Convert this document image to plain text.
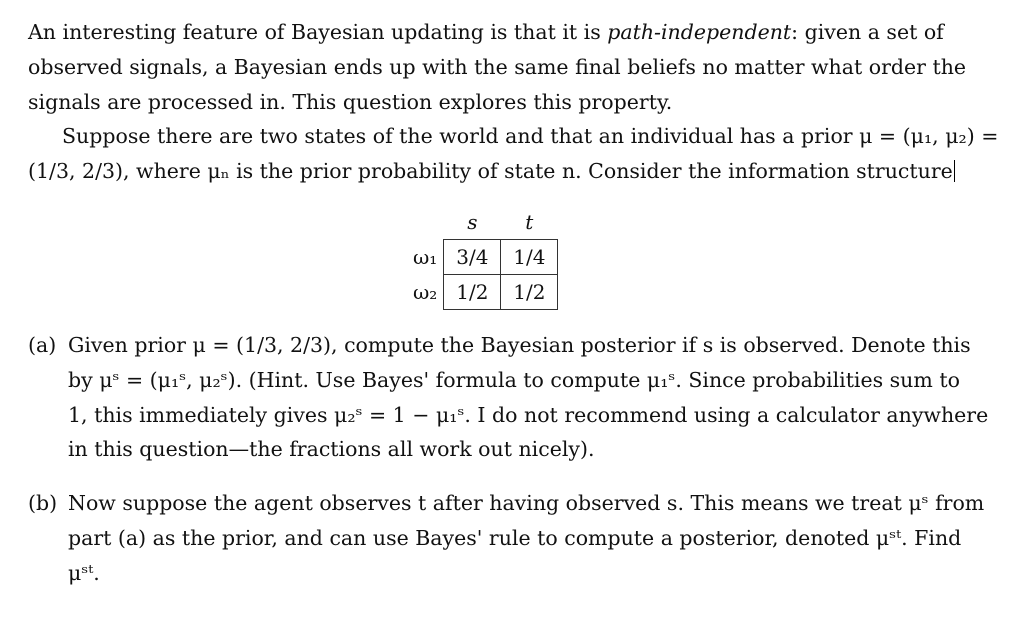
An interesting feature of Bayesian updating is that it is path-independent: given a set of
observed signals, a Bayesian ends up with the same final beliefs no matter what order the
signals are processed in. This question explores this property.
Suppose there are two states of the world and that an individual has a prior μ = (μ₁, μ₂) =
(1/3, 2/3), where μₙ is the prior probability of state n. Consider the information structure
	s	t
ω₁	3/4	1/4
ω₂	1/2	1/2
(a) Given prior μ = (1/3, 2/3), compute the Bayesian posterior if s is observed. Denote this
by μˢ = (μ₁ˢ, μ₂ˢ). (Hint. Use Bayes' formula to compute μ₁ˢ. Since probabilities sum to
1, this immediately gives μ₂ˢ = 1 − μ₁ˢ. I do not recommend using a calculator anywhere
in this question—the fractions all work out nicely).
(b) Now suppose the agent observes t after having observed s. This means we treat μˢ from
part (a) as the prior, and can use Bayes' rule to compute a posterior, denoted μˢᵗ. Find
μˢᵗ.
